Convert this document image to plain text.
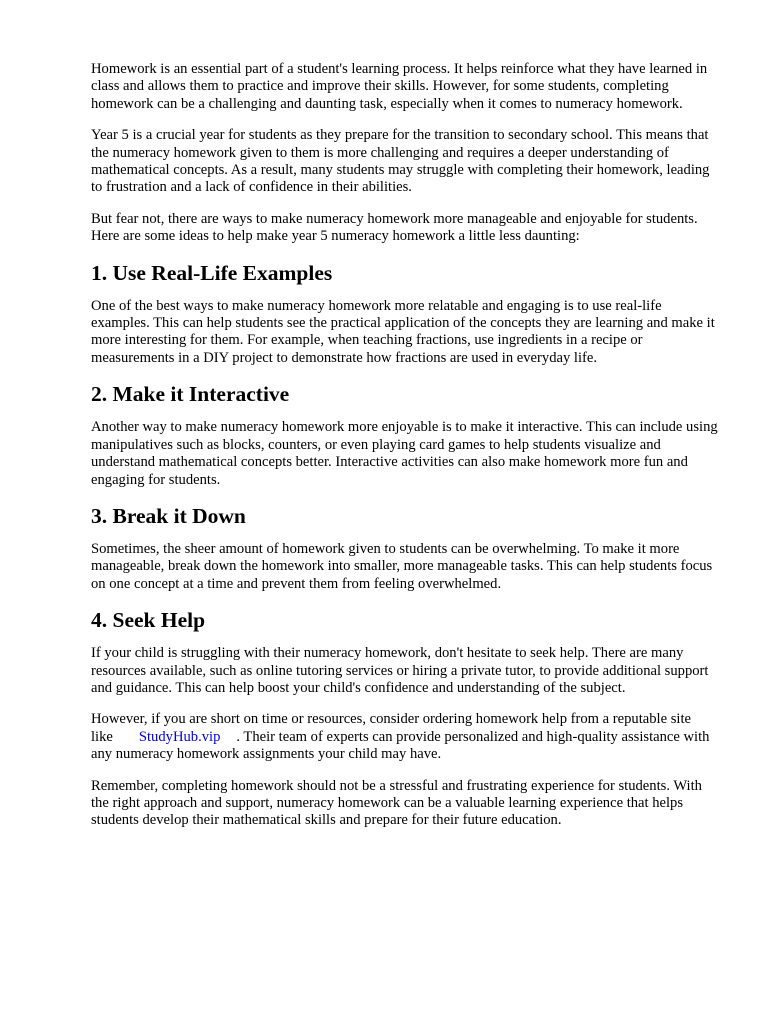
Homework is an essential part of a student's learning process. It helps reinforce what they have learned in class and allows them to practice and improve their skills. However, for some students, completing homework can be a challenging and daunting task, especially when it comes to numeracy homework.

Year 5 is a crucial year for students as they prepare for the transition to secondary school. This means that the numeracy homework given to them is more challenging and requires a deeper understanding of mathematical concepts. As a result, many students may struggle with completing their homework, leading to frustration and a lack of confidence in their abilities.

But fear not, there are ways to make numeracy homework more manageable and enjoyable for students. Here are some ideas to help make year 5 numeracy homework a little less daunting:

1. Use Real-Life Examples

One of the best ways to make numeracy homework more relatable and engaging is to use real-life examples. This can help students see the practical application of the concepts they are learning and make it more interesting for them. For example, when teaching fractions, use ingredients in a recipe or measurements in a DIY project to demonstrate how fractions are used in everyday life.

2. Make it Interactive

Another way to make numeracy homework more enjoyable is to make it interactive. This can include using manipulatives such as blocks, counters, or even playing card games to help students visualize and understand mathematical concepts better. Interactive activities can also make homework more fun and engaging for students.

3. Break it Down

Sometimes, the sheer amount of homework given to students can be overwhelming. To make it more manageable, break down the homework into smaller, more manageable tasks. This can help students focus on one concept at a time and prevent them from feeling overwhelmed.

4. Seek Help

If your child is struggling with their numeracy homework, don't hesitate to seek help. There are many resources available, such as online tutoring services or hiring a private tutor, to provide additional support and guidance. This can help boost your child's confidence and understanding of the subject.

However, if you are short on time or resources, consider ordering homework help from a reputable site like StudyHub.vip . Their team of experts can provide personalized and high-quality assistance with any numeracy homework assignments your child may have.

Remember, completing homework should not be a stressful and frustrating experience for students. With the right approach and support, numeracy homework can be a valuable learning experience that helps students develop their mathematical skills and prepare for their future education.
